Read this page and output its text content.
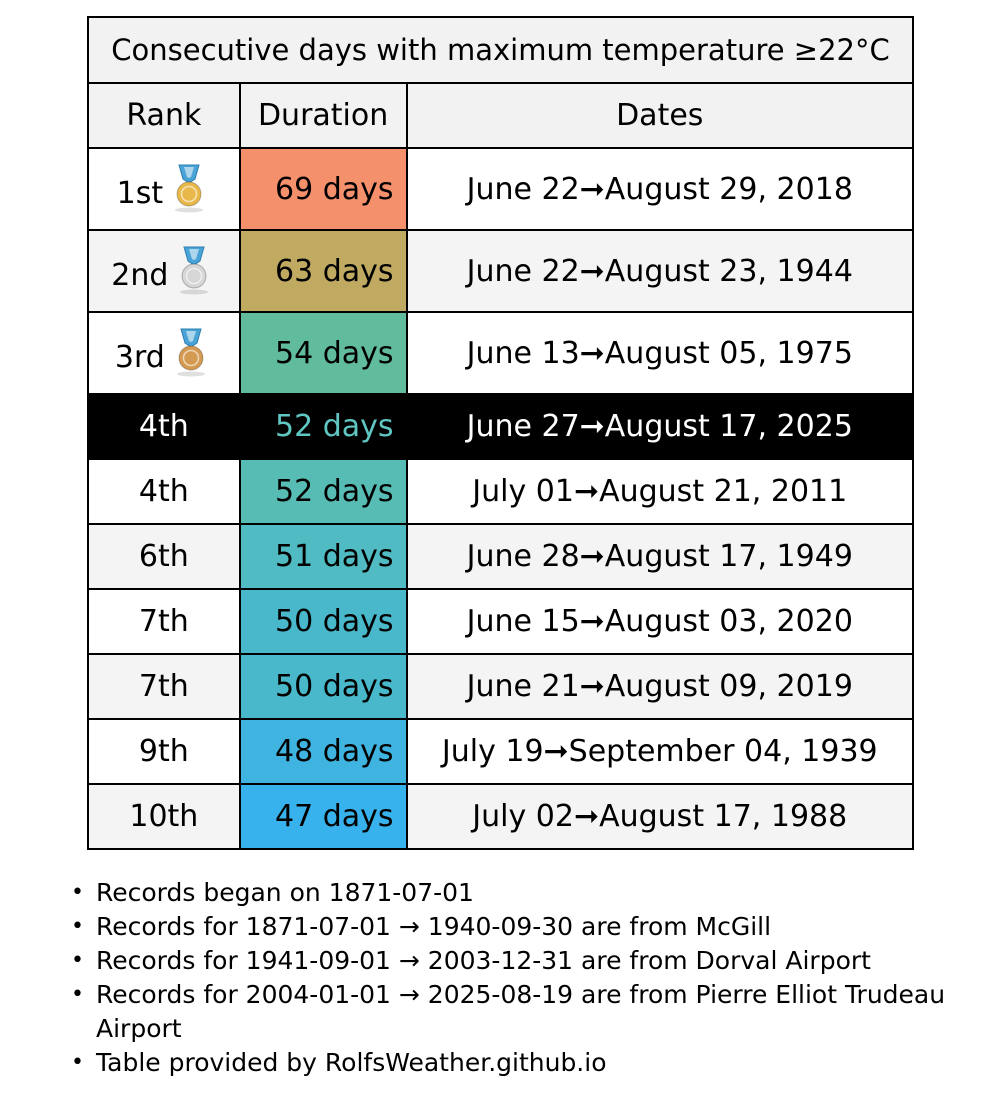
Consecutive days with maximum temperature ≥22°C		
Rank	Duration	Dates

1st	69 days	June 22➞August 29, 2018

2nd	63 days	June 22➞August 23, 1944

3rd	54 days	June 13➞August 05, 1975
4th	52 days	June 27➞August 17, 2025
4th	52 days	July 01➞August 21, 2011
6th	51 days	June 28➞August 17, 1949
7th	50 days	June 15➞August 03, 2020
7th	50 days	June 21➞August 09, 2019
9th	48 days	July 19➞September 04, 1939
10th	47 days	July 02➞August 17, 1988
• Records began on 1871-07-01
• Records for 1871-07-01 → 1940-09-30 are from McGill
• Records for 1941-09-01 → 2003-12-31 are from Dorval Airport
• Records for 2004-01-01 → 2025-08-19 are from Pierre Elliot Trudeau Airport
• Table provided by RolfsWeather.github.io
